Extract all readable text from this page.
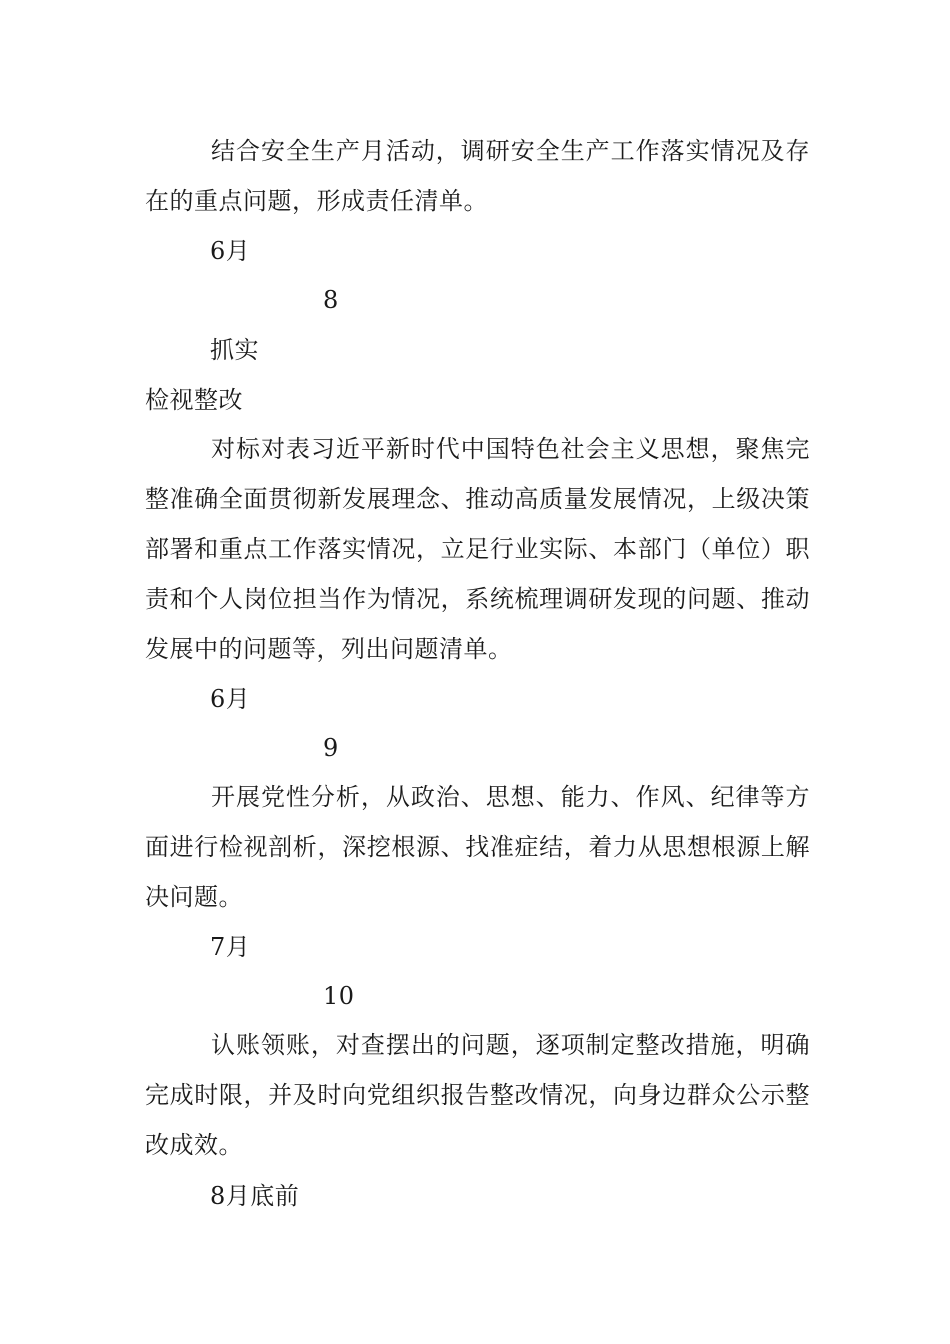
结合安全生产月活动，调研安全生产工作落实情况及存在的重点问题，形成责任清单。
6月
8
抓实
检视整改
对标对表习近平新时代中国特色社会主义思想，聚焦完整准确全面贯彻新发展理念、推动高质量发展情况，上级决策部署和重点工作落实情况，立足行业实际、本部门（单位）职责和个人岗位担当作为情况，系统梳理调研发现的问题、推动发展中的问题等，列出问题清单。
6月
9
开展党性分析，从政治、思想、能力、作风、纪律等方面进行检视剖析，深挖根源、找准症结，着力从思想根源上解决问题。
7月
10
认账领账，对查摆出的问题，逐项制定整改措施，明确完成时限，并及时向党组织报告整改情况，向身边群众公示整改成效。
8月底前
